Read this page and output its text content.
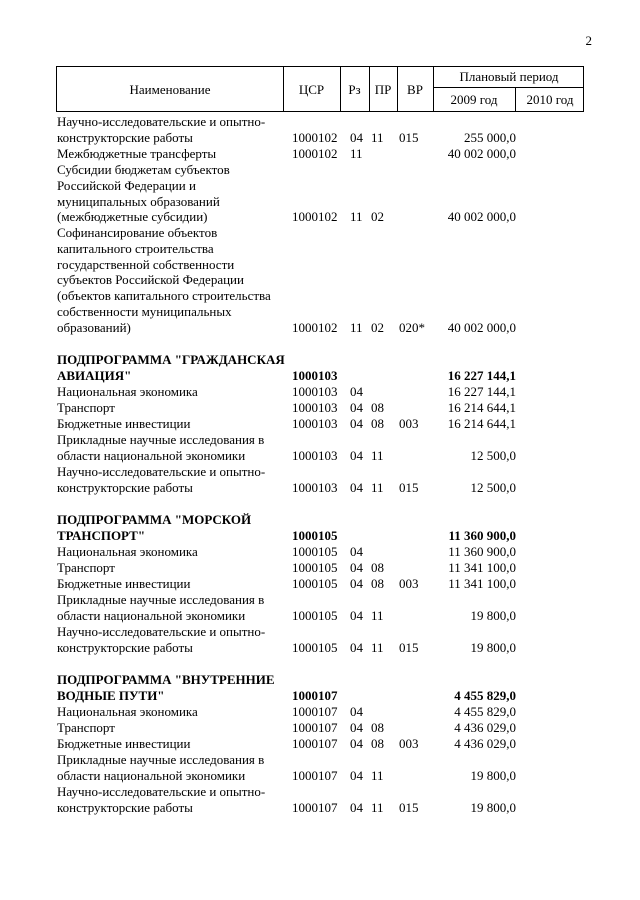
2
Наименование	ЦСР	Рз	ПР	ВР
Плановый период
2009 год	2010 год
Научно-исследовательские и опытно-конструкторские работы	1000102 04 11 015	255 000,0
Межбюджетные трансферты	1000102 11	40 002 000,0
Субсидии бюджетам субъектов Российской Федерации и муниципальных образований (межбюджетные субсидии)	1000102 11 02	40 002 000,0
Софинансирование объектов капитального строительства государственной собственности субъектов Российской Федерации (объектов капитального строительства собственности муниципальных образований)	1000102 11 02 020*	40 002 000,0
ПОДПРОГРАММА "ГРАЖДАНСКАЯ АВИАЦИЯ"	1000103	16 227 144,1
Национальная экономика	1000103 04	16 227 144,1
Транспорт	1000103 04 08	16 214 644,1
Бюджетные инвестиции	1000103 04 08 003	16 214 644,1
Прикладные научные исследования в области национальной экономики	1000103 04 11	12 500,0
Научно-исследовательские и опытно-конструкторские работы	1000103 04 11 015	12 500,0
ПОДПРОГРАММА "МОРСКОЙ ТРАНСПОРТ"	1000105	11 360 900,0
Национальная экономика	1000105 04	11 360 900,0
Транспорт	1000105 04 08	11 341 100,0
Бюджетные инвестиции	1000105 04 08 003	11 341 100,0
Прикладные научные исследования в области национальной экономики	1000105 04 11	19 800,0
Научно-исследовательские и опытно-конструкторские работы	1000105 04 11 015	19 800,0
ПОДПРОГРАММА "ВНУТРЕННИЕ ВОДНЫЕ ПУТИ"	1000107	4 455 829,0
Национальная экономика	1000107 04	4 455 829,0
Транспорт	1000107 04 08	4 436 029,0
Бюджетные инвестиции	1000107 04 08 003	4 436 029,0
Прикладные научные исследования в области национальной экономики	1000107 04 11	19 800,0
Научно-исследовательские и опытно-конструкторские работы	1000107 04 11 015	19 800,0
